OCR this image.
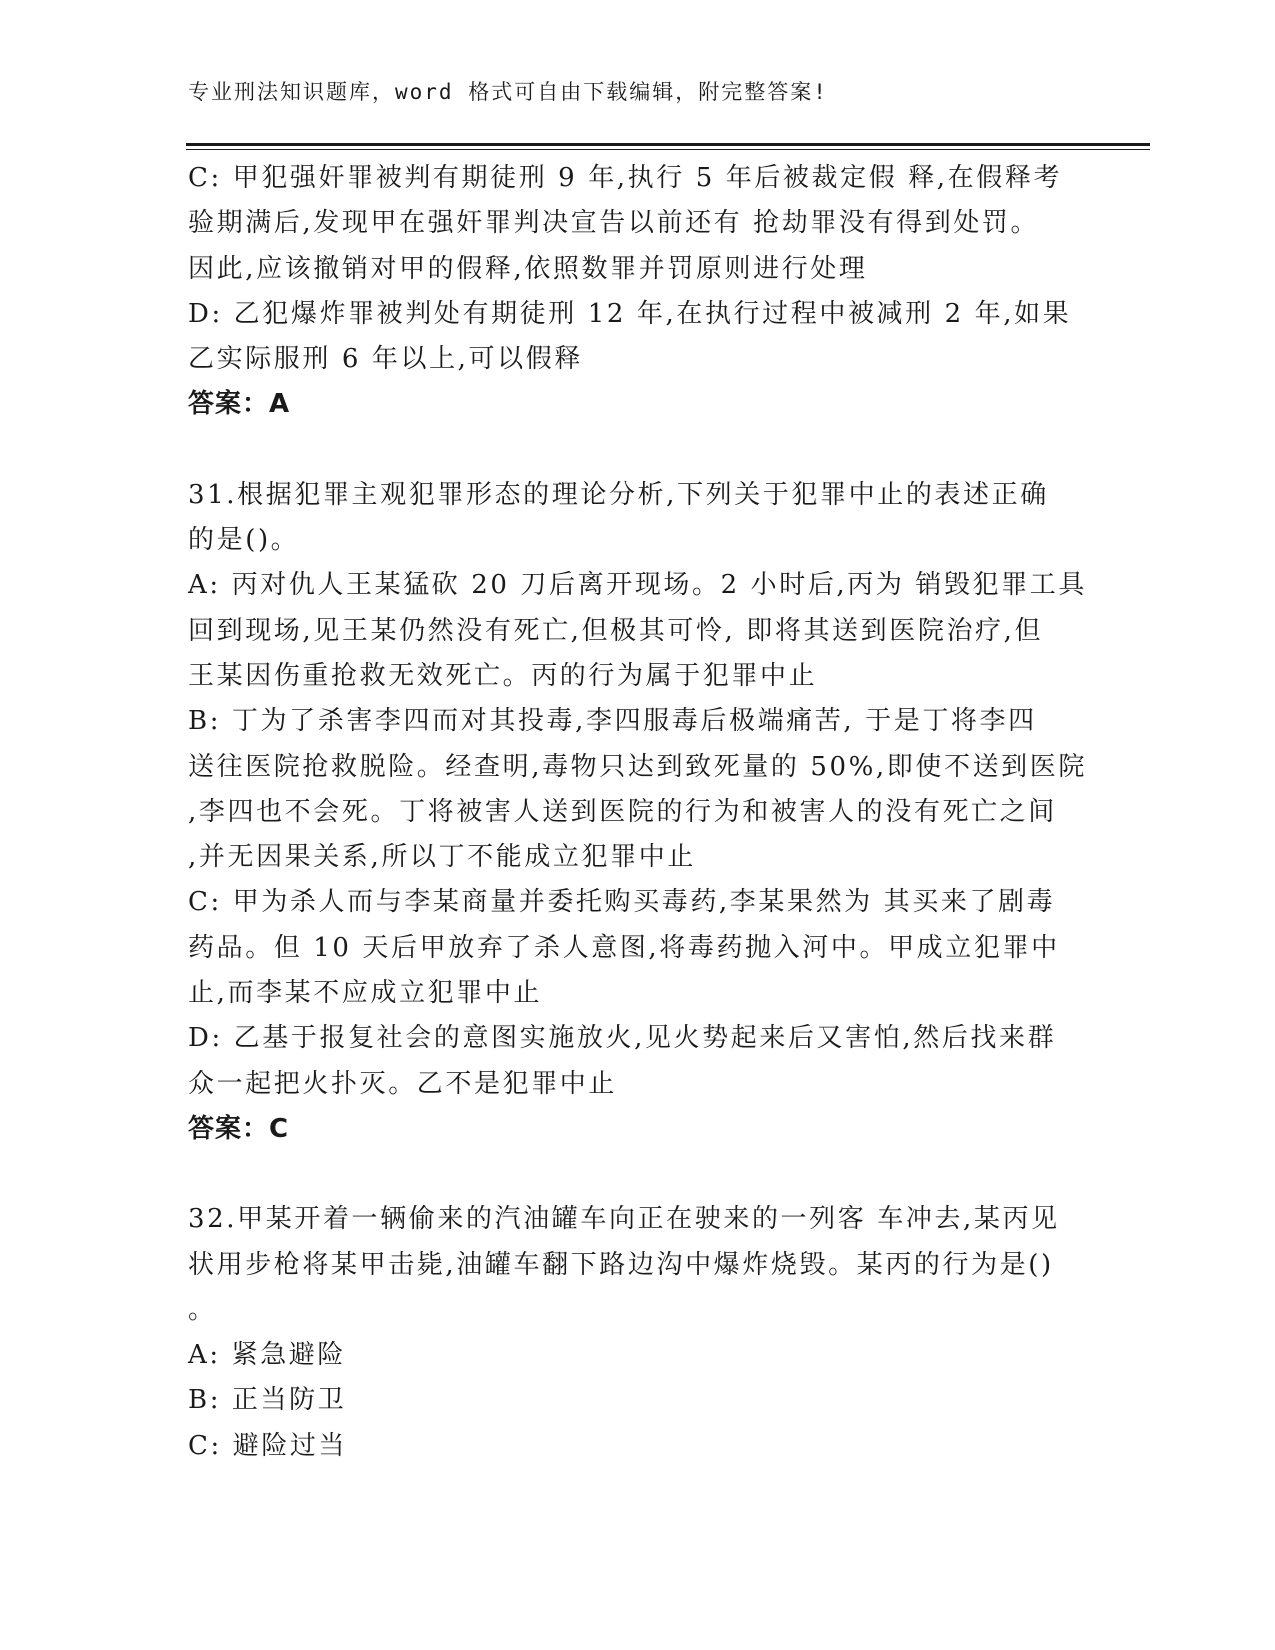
专业刑法知识题库，word 格式可自由下载编辑，附完整答案!

C: 甲犯强奸罪被判有期徒刑 9 年,执行 5 年后被裁定假 释,在假释考

验期满后,发现甲在强奸罪判决宣告以前还有 抢劫罪没有得到处罚。

因此,应该撤销对甲的假释,依照数罪并罚原则进行处理

D: 乙犯爆炸罪被判处有期徒刑 12 年,在执行过程中被减刑 2 年,如果

乙实际服刑 6 年以上,可以假释

答案：A

31.根据犯罪主观犯罪形态的理论分析,下列关于犯罪中止的表述正确

的是()。

A: 丙对仇人王某猛砍 20 刀后离开现场。2 小时后,丙为 销毁犯罪工具

回到现场,见王某仍然没有死亡,但极其可怜, 即将其送到医院治疗,但

王某因伤重抢救无效死亡。丙的行为属于犯罪中止

B: 丁为了杀害李四而对其投毒,李四服毒后极端痛苦, 于是丁将李四

送往医院抢救脱险。经查明,毒物只达到致死量的 50%,即使不送到医院

,李四也不会死。丁将被害人送到医院的行为和被害人的没有死亡之间

,并无因果关系,所以丁不能成立犯罪中止

C: 甲为杀人而与李某商量并委托购买毒药,李某果然为 其买来了剧毒

药品。但 10 天后甲放弃了杀人意图,将毒药抛入河中。甲成立犯罪中

止,而李某不应成立犯罪中止

D: 乙基于报复社会的意图实施放火,见火势起来后又害怕,然后找来群

众一起把火扑灭。乙不是犯罪中止

答案：C

32.甲某开着一辆偷来的汽油罐车向正在驶来的一列客 车冲去,某丙见

状用步枪将某甲击毙,油罐车翻下路边沟中爆炸烧毁。某丙的行为是()

。

A: 紧急避险

B: 正当防卫

C: 避险过当
